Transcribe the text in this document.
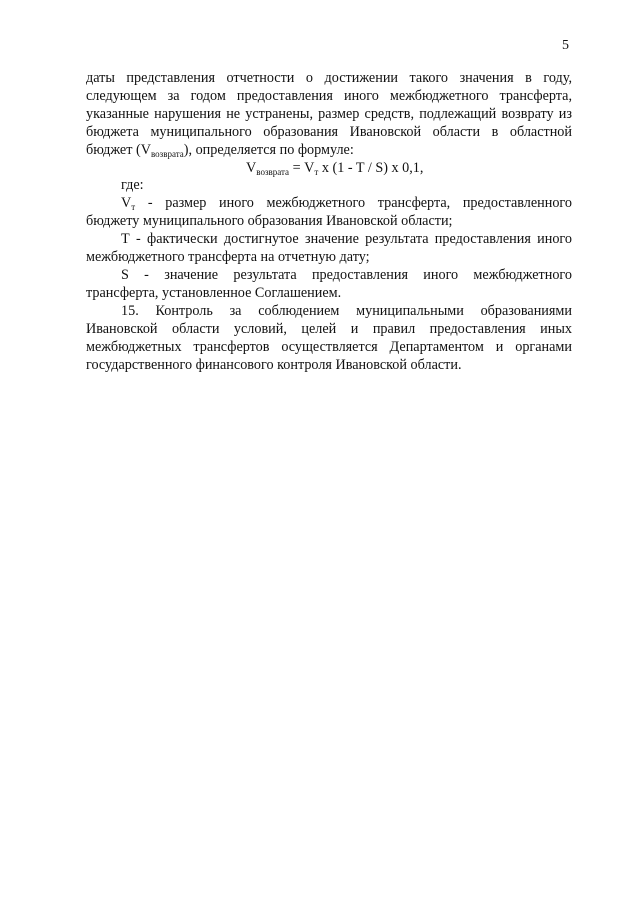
5

даты представления отчетности о достижении такого значения в году, следующем за годом предоставления иного межбюджетного трансферта, указанные нарушения не устранены, размер средств, подлежащий возврату из бюджета муниципального образования Ивановской области в областной бюджет $(V_{возврата})$, определяется по формуле:

$V_{возврата} = V_т$ x (1 - T / S) x 0,1,

где:

$V_т$ - размер иного межбюджетного трансферта, предоставленного бюджету муниципального образования Ивановской области;

Т - фактически достигнутое значение результата предоставления иного межбюджетного трансферта на отчетную дату;

S - значение результата предоставления иного межбюджетного трансферта, установленное Соглашением.

15. Контроль за соблюдением муниципальными образованиями Ивановской области условий, целей и правил предоставления иных межбюджетных трансфертов осуществляется Департаментом и органами государственного финансового контроля Ивановской области.
